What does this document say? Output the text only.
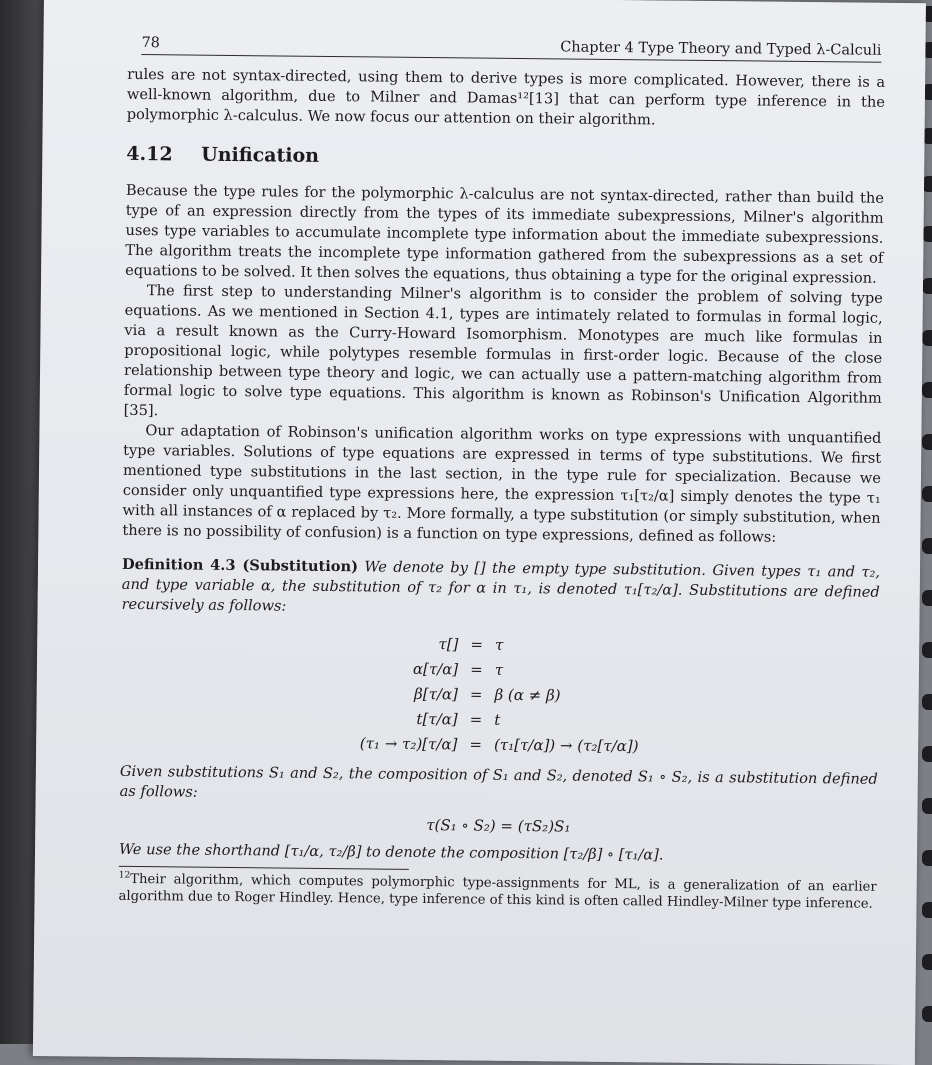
78	Chapter 4 Type Theory and Typed λ-Calculi

rules are not syntax-directed, using them to derive types is more complicated. However, there is a well-known algorithm, due to Milner and Damas¹²[13] that can perform type inference in the polymorphic λ-calculus. We now focus our attention on their algorithm.

4.12 Unification

Because the type rules for the polymorphic λ-calculus are not syntax-directed, rather than build the type of an expression directly from the types of its immediate subexpressions, Milner's algorithm uses type variables to accumulate incomplete type information about the immediate subexpressions. The algorithm treats the incomplete type information gathered from the subexpressions as a set of equations to be solved. It then solves the equations, thus obtaining a type for the original expression.

The first step to understanding Milner's algorithm is to consider the problem of solving type equations. As we mentioned in Section 4.1, types are intimately related to formulas in formal logic, via a result known as the Curry-Howard Isomorphism. Monotypes are much like formulas in propositional logic, while polytypes resemble formulas in first-order logic. Because of the close relationship between type theory and logic, we can actually use a pattern-matching algorithm from formal logic to solve type equations. This algorithm is known as Robinson's Unification Algorithm [35].

Our adaptation of Robinson's unification algorithm works on type expressions with unquantified type variables. Solutions of type equations are expressed in terms of type substitutions. We first mentioned type substitutions in the last section, in the type rule for specialization. Because we consider only unquantified type expressions here, the expression τ₁[τ₂/α] simply denotes the type τ₁ with all instances of α replaced by τ₂. More formally, a type substitution (or simply substitution, when there is no possibility of confusion) is a function on type expressions, defined as follows:

Definition 4.3 (Substitution) We denote by [] the empty type substitution. Given types τ₁ and τ₂, and type variable α, the substitution of τ₂ for α in τ₁, is denoted τ₁[τ₂/α]. Substitutions are defined recursively as follows:
τ[]	=	τ
α[τ/α]	=	τ
β[τ/α]	=	β (α ≠ β)
t[τ/α]	=	t
(τ₁ → τ₂)[τ/α]	=	(τ₁[τ/α]) → (τ₂[τ/α])

Given substitutions S₁ and S₂, the composition of S₁ and S₂, denoted S₁ ∘ S₂, is a substitution defined as follows:

τ(S₁ ∘ S₂) = (τS₂)S₁

We use the shorthand [τ₁/α, τ₂/β] to denote the composition [τ₂/β] ∘ [τ₁/α].

$^{12}$Their algorithm, which computes polymorphic type-assignments for ML, is a generalization of an earlier algorithm due to Roger Hindley. Hence, type inference of this kind is often called Hindley-Milner type inference.
